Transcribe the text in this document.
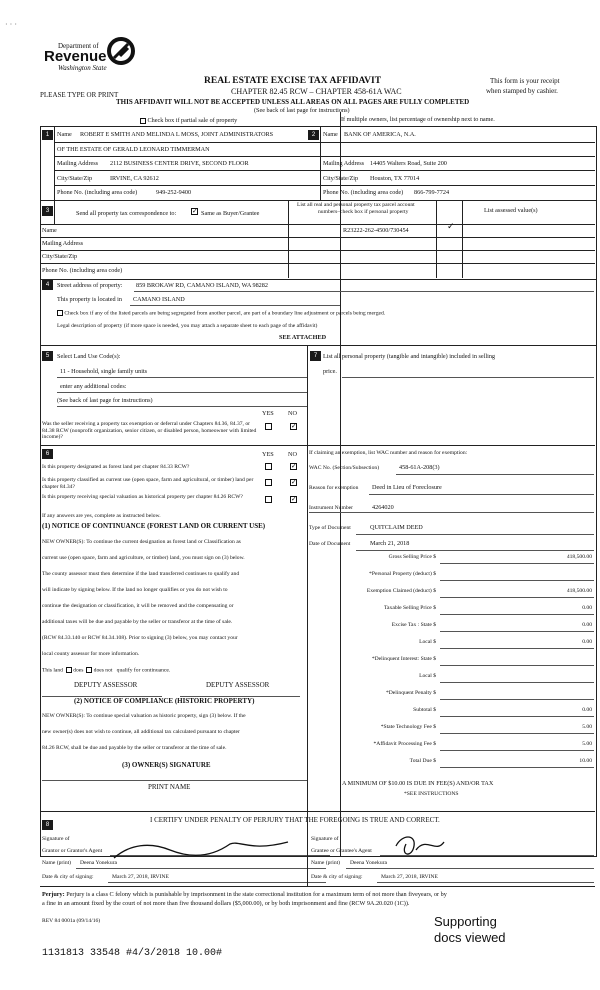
· · ·
Department of
Revenue
Washington State
PLEASE TYPE OR PRINT
REAL ESTATE EXCISE TAX AFFIDAVIT
CHAPTER 82.45 RCW – CHAPTER 458-61A WAC
This form is your receipt
when stamped by cashier.
THIS AFFIDAVIT WILL NOT BE ACCEPTED UNLESS ALL AREAS ON ALL PAGES ARE FULLY COMPLETED
(See back of last page for instructions)
Check box if partial sale of property	If multiple owners, list percentage of ownership next to name.
1	Name ROBERT E SMITH AND MELINDA L MOSS, JOINT ADMINISTRATORS
OF THE ESTATE OF GERALD LEONARD TIMMERMAN
Mailing Address 2112 BUSINESS CENTER DRIVE, SECOND FLOOR
City/State/Zip	IRVINE, CA 92612
Phone No. (including area code)	949-252-9400
2	Name BANK OF AMERICA, N.A.
Mailing Address 14405 Walters Road, Suite 200
City/State/Zip Houston, TX 77014
Phone No. (including area code) 866-799-7724
3	Send all property tax correspondence to: ✓ Same as Buyer/Grantee
List all real and personal property tax parcel account
numbers–check box if personal property	List assessed value(s)
Name	R23222-262-4500/730454	✓
Mailing Address
City/State/Zip
Phone No. (including area code)
4	Street address of property: 859 BROKAW RD, CAMANO ISLAND, WA 98282
This property is located in CAMANO ISLAND
Check box if any of the listed parcels are being segregated from another parcel, are part of a boundary line adjustment or parcels being merged.
Legal description of property (if more space is needed, you may attach a separate sheet to each page of the affidavit)
SEE ATTACHED
5	Select Land Use Code(s):
11 - Household, single family units
enter any additional codes:
(See back of last page for instructions)
YES NO
Was the seller receiving a property tax exemption or deferral under Chapters 84.36, 84.37, or 84.38 RCW (nonprofit organization, senior citizen, or disabled person, homeowner with limited income)?
✓
6	YES NO
Is this property designated as forest land per chapter 84.33 RCW?	✓
Is this property classified as current use (open space, farm and agricultural, or timber) land per chapter 84.34?
✓
Is this property receiving special valuation as historical property per chapter 84.26 RCW?	✓
If any answers are yes, complete as instructed below.
(1) NOTICE OF CONTINUANCE (FOREST LAND OR CURRENT USE)
NEW OWNER(S): To continue the current designation as forest land or Classification as
current use (open space, farm and agriculture, or timber) land, you must sign on (3) below.
The county assessor must then determine if the land transferred continues to qualify and
will indicate by signing below. If the land no longer qualifies or you do not wish to
continue the designation or classification, it will be removed and the compensating or
additional taxes will be due and payable by the seller or transferor at the time of sale.
(RCW 84.33.140 or RCW 84.34.108). Prior to signing (3) below, you may contact your
local county assessor for more information.
This land does does not qualify for continuance.
DEPUTY ASSESSOR	DEPUTY ASSESSOR
(2) NOTICE OF COMPLIANCE (HISTORIC PROPERTY)
NEW OWNER(S): To continue special valuation as historic property, sign (3) below. If the
new owner(s) does not wish to continue, all additional tax calculated pursuant to chapter
84.26 RCW, shall be due and payable by the seller or transferor at the time of sale.
(3) OWNER(S) SIGNATURE
PRINT NAME
7 List all personal property (tangible and intangible) included in selling
price.
If claiming an exemption, list WAC number and reason for exemption:
WAC No. (Section/Subsection)	458-61A-208(3)
Reason for exemption Deed in Lieu of Foreclosure
Instrument Number	4264020
Type of Document	QUITCLAIM DEED
Date of Document	March 21, 2018
Gross Selling Price $	418,500.00
*Personal Property (deduct) $
Exemption Claimed (deduct) $	418,500.00
Taxable Selling Price $	0.00
Excise Tax : State $	0.00
Local $	0.00
*Delinquent Interest: State $
Local $
*Delinquent Penalty $
Subtotal $	0.00
*State Technology Fee $	5.00
*Affidavit Processing Fee $	5.00
Total Due $	10.00
A MINIMUM OF $10.00 IS DUE IN FEE(S) AND/OR TAX
*SEE INSTRUCTIONS
8
I CERTIFY UNDER PENALTY OF PERJURY THAT THE FOREGOING IS TRUE AND CORRECT.
Signature of
Grantor or Grantor's Agent
Name (print) Deena Yonekura
Date & city of signing:	March 27, 2018, IRVINE
Signature of
Grantee or Grantee's Agent
Name (print) Deena Yonekura
Date & city of signing:	March 27, 2018, IRVINE
Perjury: Perjury is a class C felony which is punishable by imprisonment in the state correctional institution for a maximum term of not more than fiveyears, or by
a fine in an amount fixed by the court of not more than five thousand dollars ($5,000.00), or by both imprisonment and fine (RCW 9A.20.020 (1C)).
REV 84 0001a (09/14/16)	Supporting
docs viewed
1131813 33548 #4/3/2018 10.00#
